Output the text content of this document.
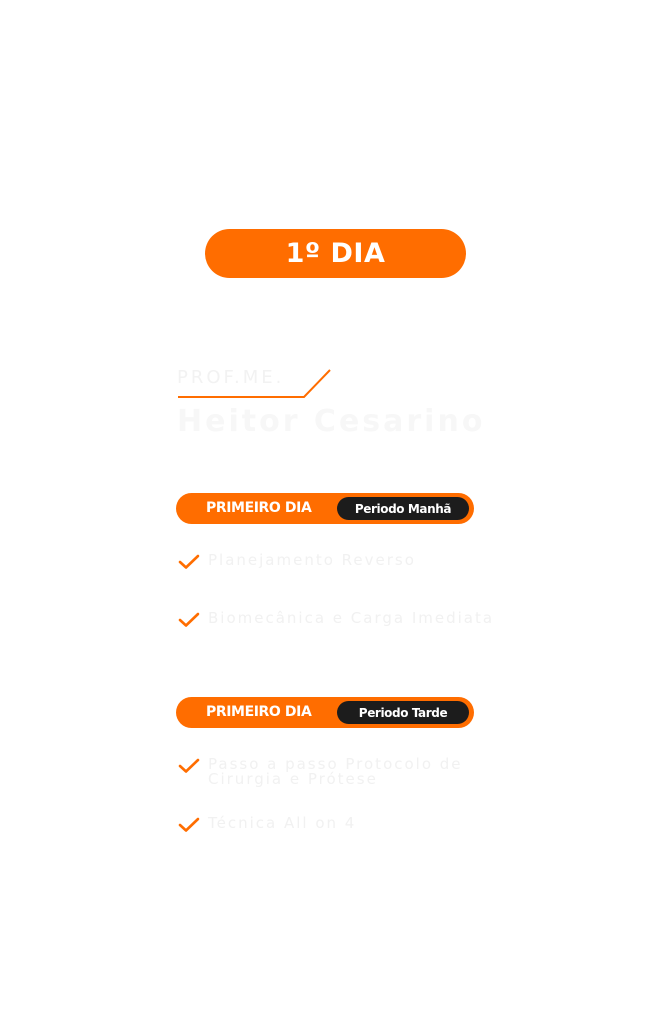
1º DIA
PROF.ME.
Heitor Cesarino
PRIMEIRO DIA	Periodo Manhã
Planejamento Reverso
Biomecânica e Carga Imediata
PRIMEIRO DIA	Periodo Tarde
Passo a passo Protocolo de Cirurgia e Prótese
Técnica All on 4
